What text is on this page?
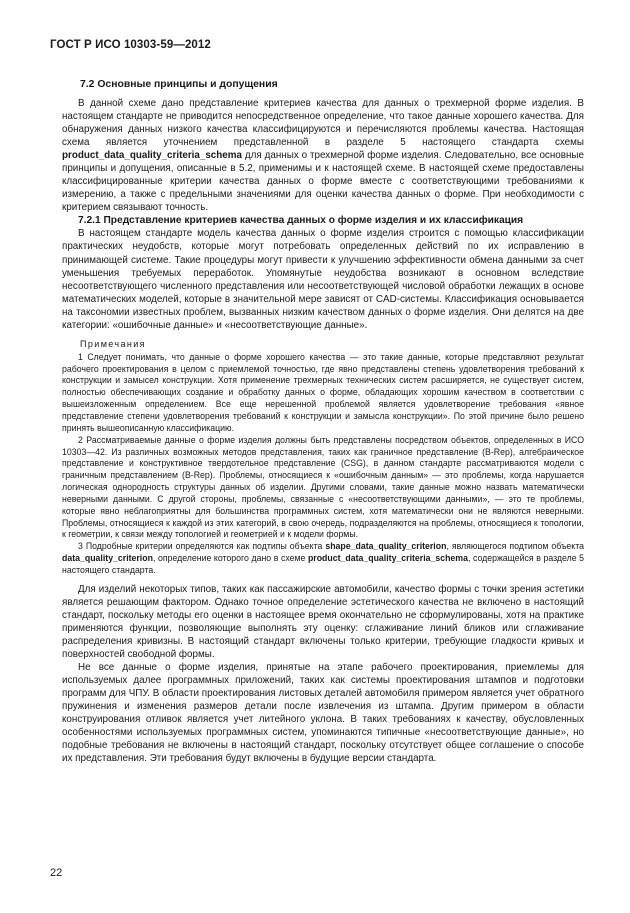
ГОСТ Р ИСО 10303-59—2012
7.2 Основные принципы и допущения

В данной схеме дано представление критериев качества для данных о трехмерной форме изделия. В настоящем стандарте не приводится непосредственное определение, что такое данные хорошего качества. Для обнаружения данных низкого качества классифицируются и перечисляются проблемы качества. Настоящая схема является уточнением представленной в разделе 5 настоящего стандарта схемы product_data_quality_criteria_schema для данных о трехмерной форме изделия. Следовательно, все основные принципы и допущения, описанные в 5.2, применимы и к настоящей схеме. В настоящей схеме предоставлены классифицированные критерии качества данных о форме вместе с соответствующими требованиями к измерению, а также с предельными значениями для оценки качества данных о форме. При необходимости с критерием связывают точность.

7.2.1 Представление критериев качества данных о форме изделия и их классификация

В настоящем стандарте модель качества данных о форме изделия строится с помощью классификации практических неудобств, которые могут потребовать определенных действий по их исправлению в принимающей системе. Такие процедуры могут привести к улучшению эффективности обмена данными за счет уменьшения требуемых переработок. Упомянутые неудобства возникают в основном вследствие несоответствующего численного представления или несоответствующей числовой обработки лежащих в основе математических моделей, которые в значительной мере зависят от CAD-системы. Классификация основывается на таксономии известных проблем, вызванных низким качеством данных о форме изделия. Они делятся на две категории: «ошибочные данные» и «несоответствующие данные».

Примечания

1 Следует понимать, что данные о форме хорошего качества — это такие данные, которые представляют результат рабочего проектирования в целом с приемлемой точностью, где явно представлены степень удовлетворения требований к конструкции и замысел конструкции. Хотя применение трехмерных технических систем расширяется, не существует систем, полностью обеспечивающих создание и обработку данных о форме, обладающих хорошим качеством в соответствии с вышеизложенным определением. Все еще нерешенной проблемой является удовлетворение требования «явное представление степени удовлетворения требований к конструкции и замысла конструкции». По этой причине было решено принять вышеописанную классификацию.

2 Рассматриваемые данные о форме изделия должны быть представлены посредством объектов, определенных в ИСО 10303—42. Из различных возможных методов представления, таких как граничное представление (B-Rep), алгебраическое представление и конструктивное твердотельное представление (CSG), в данном стандарте рассматриваются модели с граничным представлением (B-Rep). Проблемы, относящиеся к «ошибочным данным» — это проблемы, когда нарушается логическая однородность структуры данных об изделии. Другими словами, такие данные можно назвать математически неверными данными. С другой стороны, проблемы, связанные с «несоответствующими данными», — это те проблемы, которые явно неблагоприятны для большинства программных систем, хотя математически они не являются неверными. Проблемы, относящиеся к каждой из этих категорий, в свою очередь, подразделяются на проблемы, относящиеся к топологии, к геометрии, к связи между топологией и геометрией и к модели формы.

3 Подробные критерии определяются как подтипы объекта shape_data_quality_criterion, являющегося подтипом объекта data_quality_criterion, определение которого дано в схеме product_data_quality_criteria_schema, содержащейся в разделе 5 настоящего стандарта.

Для изделий некоторых типов, таких как пассажирские автомобили, качество формы с точки зрения эстетики является решающим фактором. Однако точное определение эстетического качества не включено в настоящий стандарт, поскольку методы его оценки в настоящее время окончательно не сформулированы, хотя на практике применяются функции, позволяющие выполнять эту оценку: сглаживание линий бликов или сглаживание распределения кривизны. В настоящий стандарт включены только критерии, требующие гладкости кривых и поверхностей свободной формы.

Не все данные о форме изделия, принятые на этапе рабочего проектирования, приемлемы для используемых далее программных приложений, таких как системы проектирования штампов и подготовки программ для ЧПУ. В области проектирования листовых деталей автомобиля примером является учет обратного пружинения и изменения размеров детали после извлечения из штампа. Другим примером в области конструирования отливок является учет литейного уклона. В таких требованиях к качеству, обусловленных особенностями используемых программных систем, упоминаются типичные «несоответствующие данные», но подобные требования не включены в настоящий стандарт, поскольку отсутствует общее соглашение о способе их представления. Эти требования будут включены в будущие версии стандарта.

22
